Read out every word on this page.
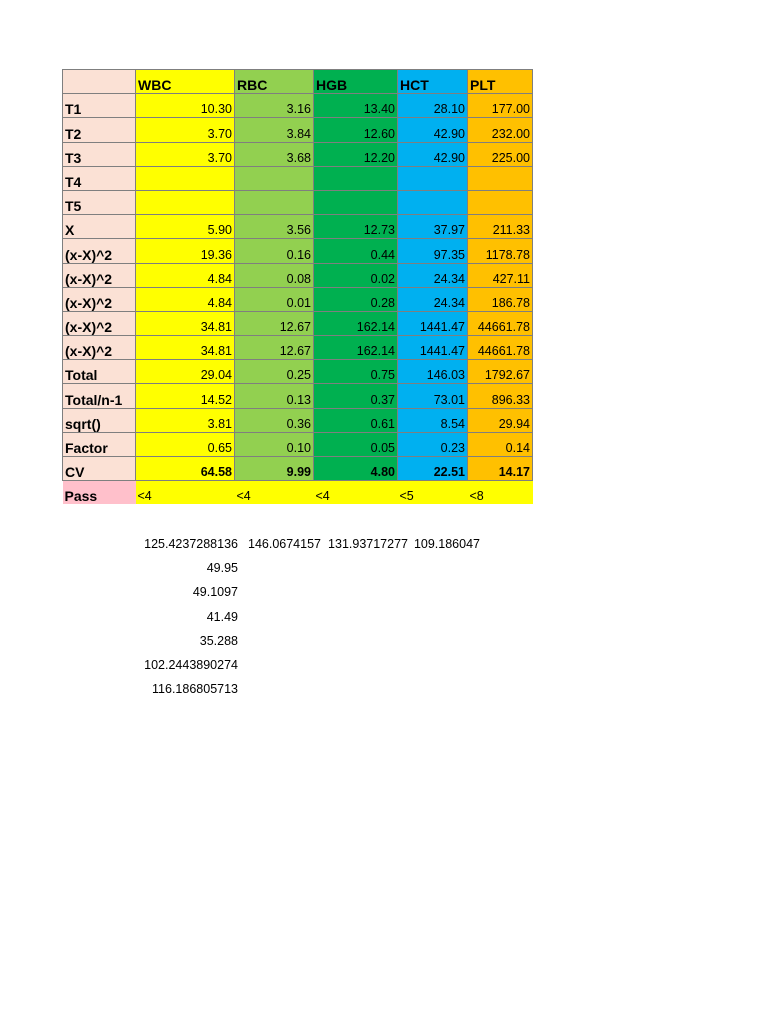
	WBC	RBC	HGB	HCT	PLT
T1	10.30	3.16	13.40	28.10	177.00
T2	3.70	3.84	12.60	42.90	232.00
T3	3.70	3.68	12.20	42.90	225.00
T4					
T5					
X	5.90	3.56	12.73	37.97	211.33
(x-X)^2	19.36	0.16	0.44	97.35	1178.78
(x-X)^2	4.84	0.08	0.02	24.34	427.11
(x-X)^2	4.84	0.01	0.28	24.34	186.78
(x-X)^2	34.81	12.67	162.14	1441.47	44661.78
(x-X)^2	34.81	12.67	162.14	1441.47	44661.78
Total	29.04	0.25	0.75	146.03	1792.67
Total/n-1	14.52	0.13	0.37	73.01	896.33
sqrt()	3.81	0.36	0.61	8.54	29.94
Factor	0.65	0.10	0.05	0.23	0.14
CV	64.58	9.99	4.80	22.51	14.17
Pass	<4	<4	<4	<5	<8
125.4237288136 146.0674157 131.93717277 109.186047
49.95
49.1097
41.49
35.288
102.2443890274
116.186805713
